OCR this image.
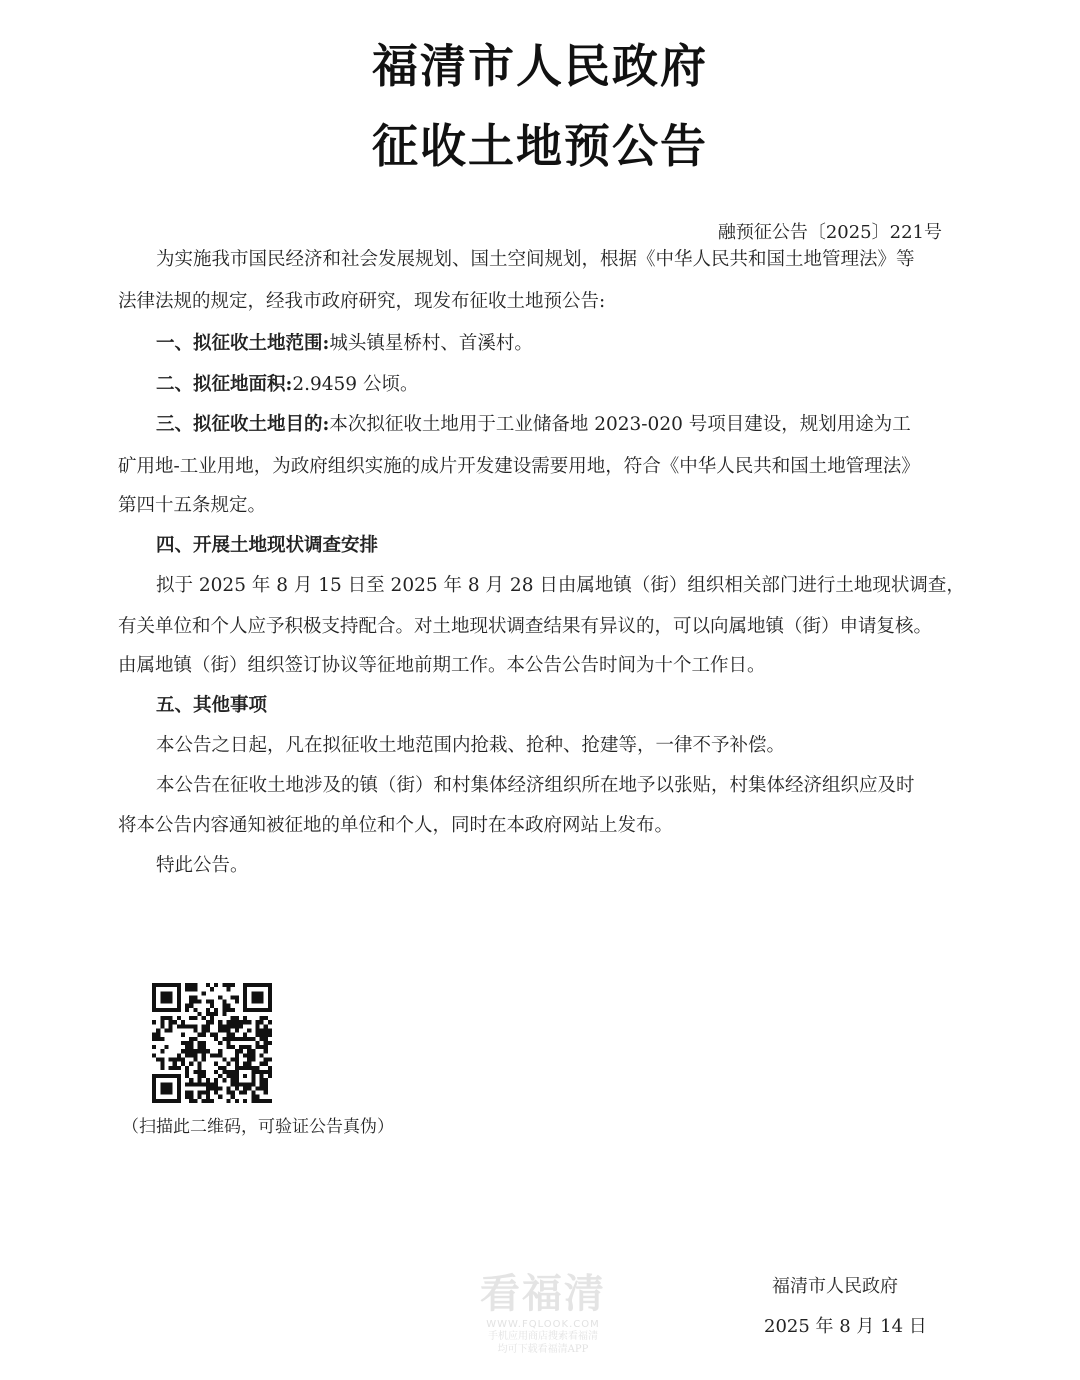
福清市人民政府
征收土地预公告
融预征公告〔2025〕221号
为实施我市国民经济和社会发展规划、国土空间规划，根据《中华人民共和国土地管理法》等
法律法规的规定，经我市政府研究，现发布征收土地预公告:
一、拟征收土地范围:城头镇星桥村、首溪村。
二、拟征地面积:2.9459 公顷。
三、拟征收土地目的:本次拟征收土地用于工业储备地 2023-020 号项目建设，规划用途为工
矿用地-工业用地，为政府组织实施的成片开发建设需要用地，符合《中华人民共和国土地管理法》
第四十五条规定。
四、开展土地现状调查安排
拟于 2025 年 8 月 15 日至 2025 年 8 月 28 日由属地镇（街）组织相关部门进行土地现状调查，
有关单位和个人应予积极支持配合。对土地现状调查结果有异议的，可以向属地镇（街）申请复核。
由属地镇（街）组织签订协议等征地前期工作。本公告公告时间为十个工作日。
五、其他事项
本公告之日起，凡在拟征收土地范围内抢栽、抢种、抢建等，一律不予补偿。
本公告在征收土地涉及的镇（街）和村集体经济组织所在地予以张贴，村集体经济组织应及时
将本公告内容通知被征地的单位和个人，同时在本政府网站上发布。
特此公告。
（扫描此二维码，可验证公告真伪）
看福清
WWW.FQLOOK.COM
手机应用商店搜索看福清
均可下载看福清APP
福清市人民政府
2025 年 8 月 14 日
